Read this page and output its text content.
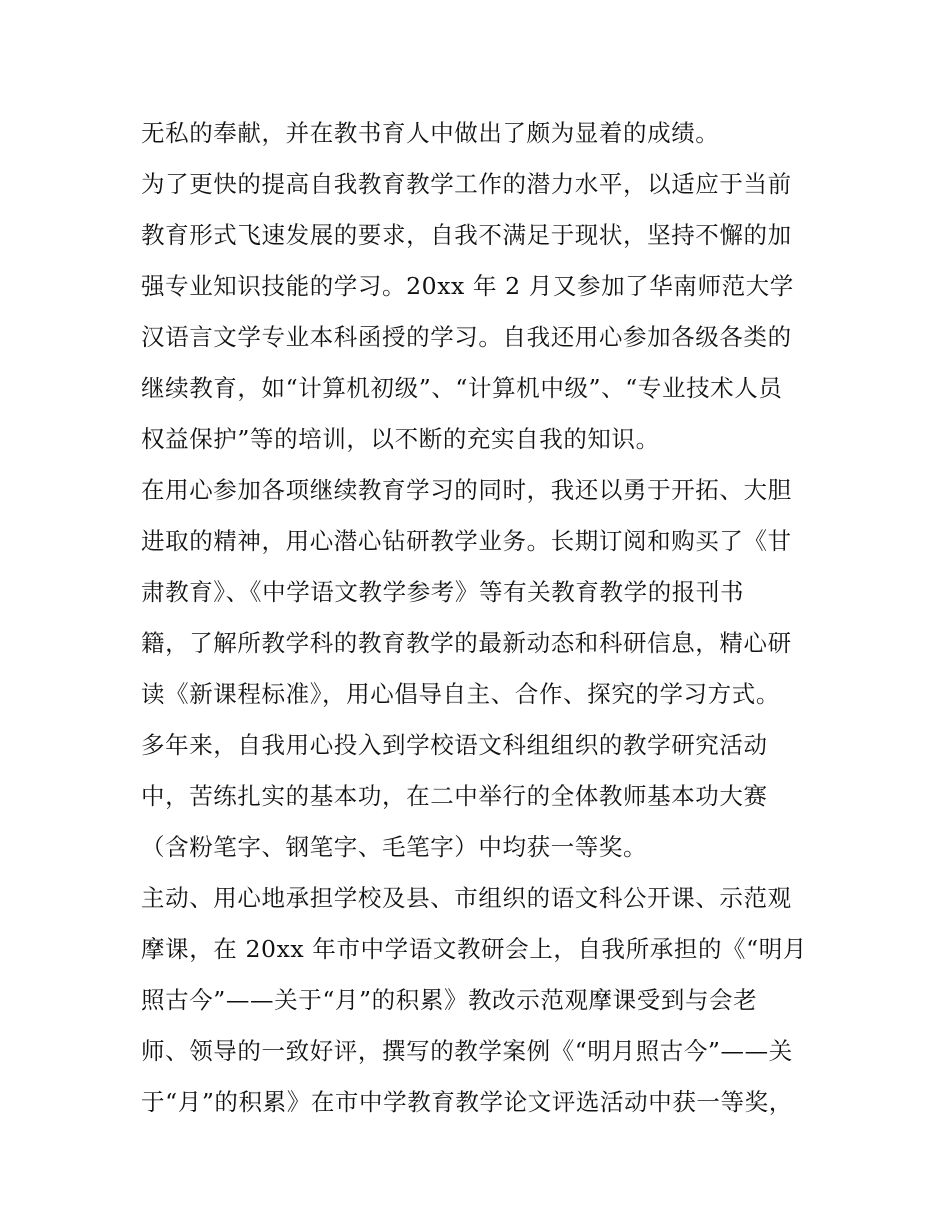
无私的奉献，并在教书育人中做出了颇为显着的成绩。
为了更快的提高自我教育教学工作的潜力水平，以适应于当前
教育形式飞速发展的要求，自我不满足于现状，坚持不懈的加
强专业知识技能的学习。20xx 年 2 月又参加了华南师范大学
汉语言文学专业本科函授的学习。自我还用心参加各级各类的
继续教育，如“计算机初级”、“计算机中级”、“专业技术人员
权益保护”等的培训，以不断的充实自我的知识。
在用心参加各项继续教育学习的同时，我还以勇于开拓、大胆
进取的精神，用心潜心钻研教学业务。长期订阅和购买了《甘
肃教育》、《中学语文教学参考》等有关教育教学的报刊书
籍，了解所教学科的教育教学的最新动态和科研信息，精心研
读《新课程标准》，用心倡导自主、合作、探究的学习方式。
多年来，自我用心投入到学校语文科组组织的教学研究活动
中，苦练扎实的基本功，在二中举行的全体教师基本功大赛
（含粉笔字、钢笔字、毛笔字）中均获一等奖。
主动、用心地承担学校及县、市组织的语文科公开课、示范观
摩课，在 20xx 年市中学语文教研会上，自我所承担的《“明月
照古今”——关于“月”的积累》教改示范观摩课受到与会老
师、领导的一致好评，撰写的教学案例《“明月照古今”——关
于“月”的积累》在市中学教育教学论文评选活动中获一等奖，
